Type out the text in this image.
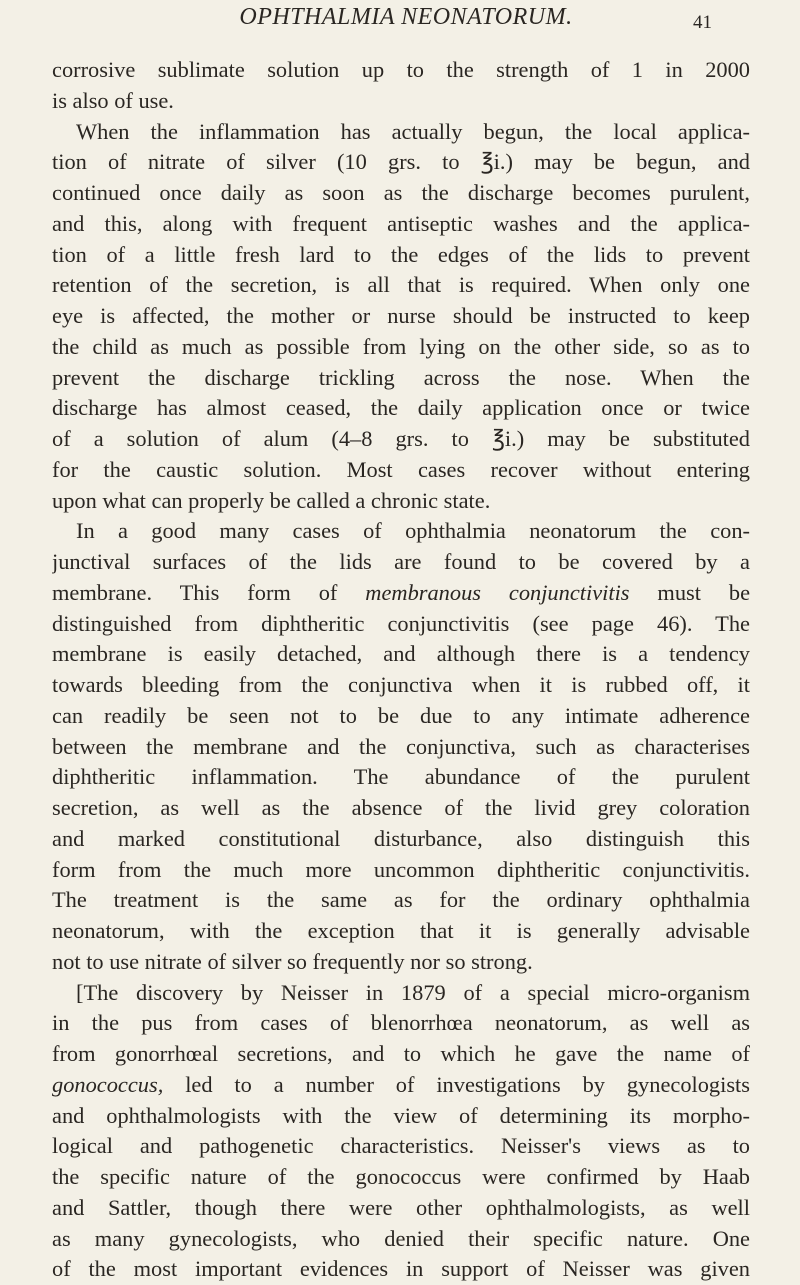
OPHTHALMIA NEONATORUM.	41
corrosive sublimate solution up to the strength of 1 in 2000
is also of use.
When the inflammation has actually begun, the local applica-
tion of nitrate of silver (10 grs. to ℥i.) may be begun, and
continued once daily as soon as the discharge becomes purulent,
and this, along with frequent antiseptic washes and the applica-
tion of a little fresh lard to the edges of the lids to prevent
retention of the secretion, is all that is required. When only one
eye is affected, the mother or nurse should be instructed to keep
the child as much as possible from lying on the other side, so as to
prevent the discharge trickling across the nose. When the
discharge has almost ceased, the daily application once or twice
of a solution of alum (4–8 grs. to ℥i.) may be substituted
for the caustic solution. Most cases recover without entering
upon what can properly be called a chronic state.
In a good many cases of ophthalmia neonatorum the con-
junctival surfaces of the lids are found to be covered by a
membrane. This form of membranous conjunctivitis must be
distinguished from diphtheritic conjunctivitis (see page 46). The
membrane is easily detached, and although there is a tendency
towards bleeding from the conjunctiva when it is rubbed off, it
can readily be seen not to be due to any intimate adherence
between the membrane and the conjunctiva, such as characterises
diphtheritic inflammation. The abundance of the purulent
secretion, as well as the absence of the livid grey coloration
and marked constitutional disturbance, also distinguish this
form from the much more uncommon diphtheritic conjunctivitis.
The treatment is the same as for the ordinary ophthalmia
neonatorum, with the exception that it is generally advisable
not to use nitrate of silver so frequently nor so strong.
[The discovery by Neisser in 1879 of a special micro-organism
in the pus from cases of blenorrhœa neonatorum, as well as
from gonorrhœal secretions, and to which he gave the name of
gonococcus, led to a number of investigations by gynecologists
and ophthalmologists with the view of determining its morpho-
logical and pathogenetic characteristics. Neisser's views as to
the specific nature of the gonococcus were confirmed by Haab
and Sattler, though there were other ophthalmologists, as well
as many gynecologists, who denied their specific nature. One
of the most important evidences in support of Neisser was given
